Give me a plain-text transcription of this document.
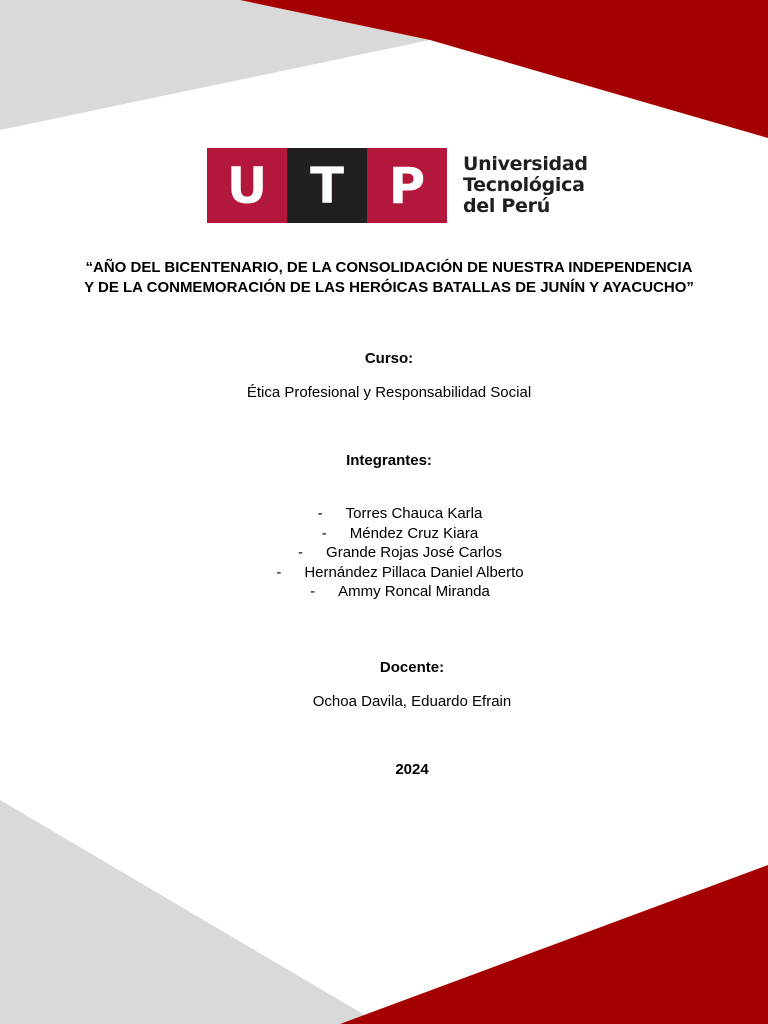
U T P	Universidad
Tecnológica
del Perú
“AÑO DEL BICENTENARIO, DE LA CONSOLIDACIÓN DE NUESTRA INDEPENDENCIA Y DE LA CONMEMORACIÓN DE LAS HERÓICAS BATALLAS DE JUNÍN Y AYACUCHO”
Curso:
Ética Profesional y Responsabilidad Social
Integrantes:
- Torres Chauca Karla
- Méndez Cruz Kiara
- Grande Rojas José Carlos
- Hernández Pillaca Daniel Alberto
- Ammy Roncal Miranda
Docente:
Ochoa Davila, Eduardo Efrain
2024
